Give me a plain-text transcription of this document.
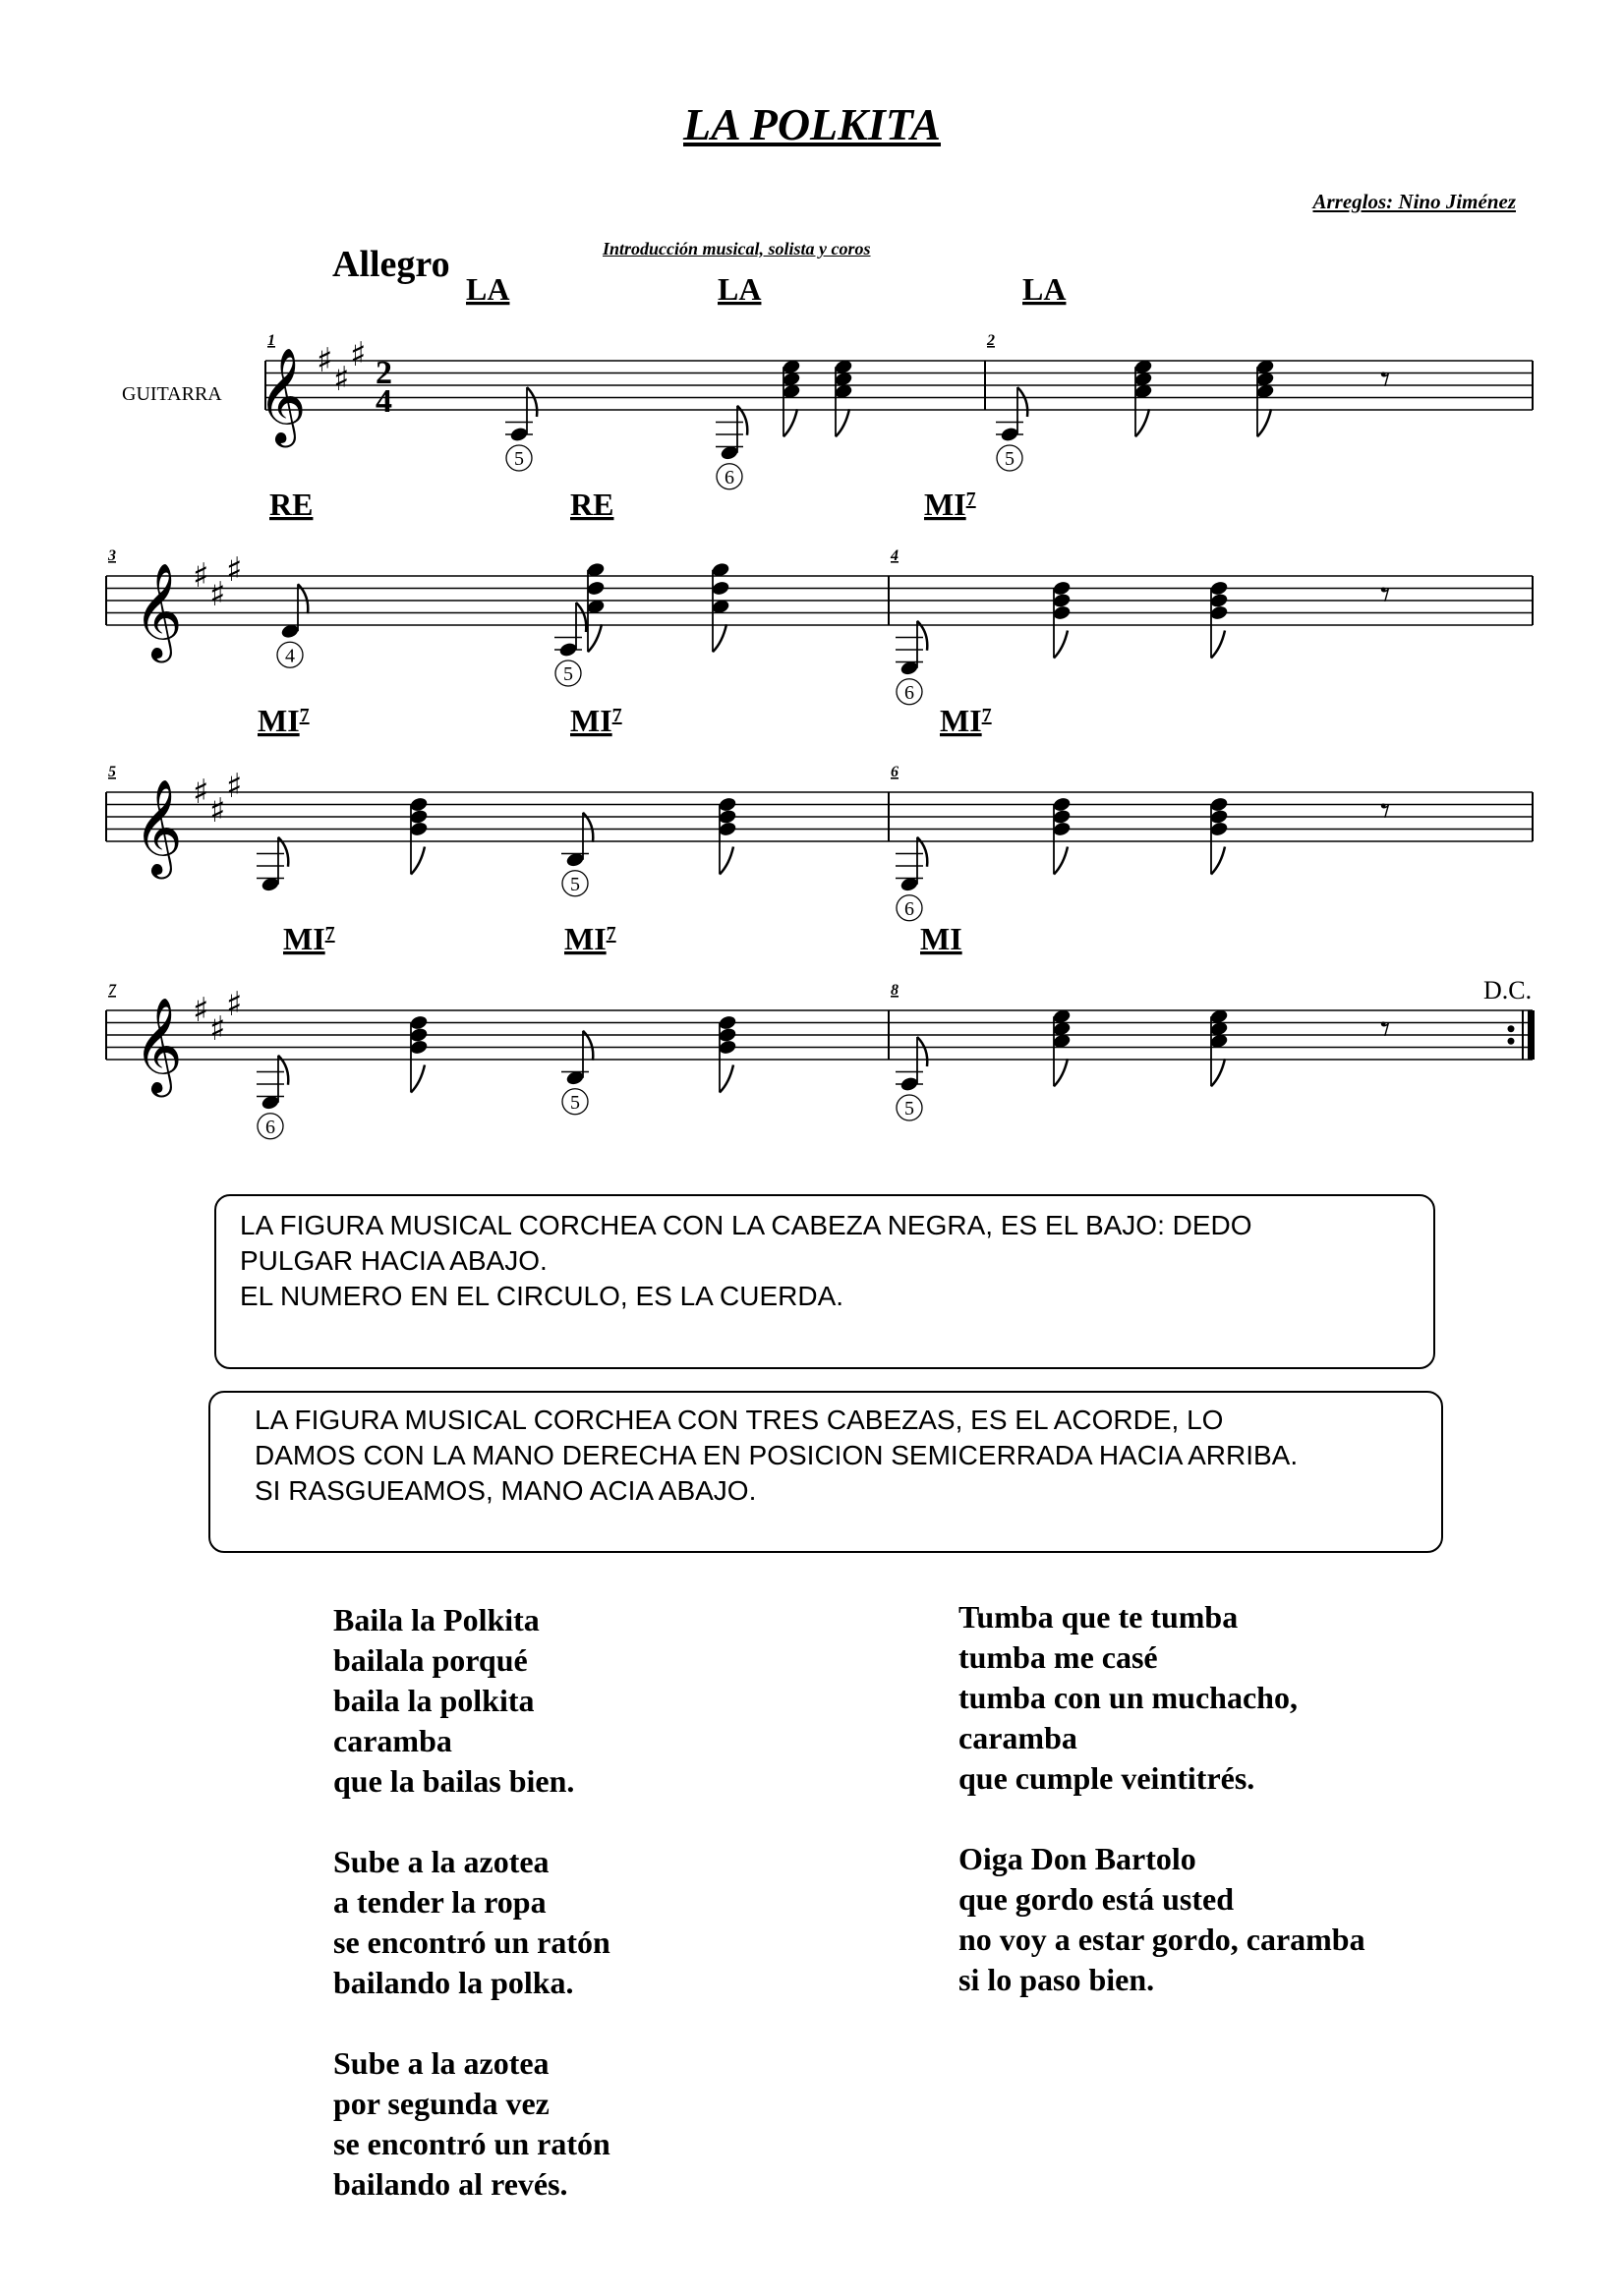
LA POLKITA
Arreglos: Nino Jiménez
Introducción musical, solista y coros
Allegro
GUITARRA
D.C.
𝄞 ♯ ♯
♯
𝄾
2
4
1	2
5
LA
6
LA
5
LA
𝄞 ♯ ♯
♯
𝄾
3	4
4
RE
5
RE
6
$MI^7$
𝄞 ♯ ♯
♯
𝄾
5	6
$MI^7$
5
$MI^7$
6
$MI^7$
𝄞 ♯ ♯
♯
𝄾
7	8
6
$MI^7$
5
$MI^7$
5
MI
LA FIGURA MUSICAL CORCHEA CON LA CABEZA NEGRA, ES EL BAJO: DEDO
PULGAR HACIA ABAJO.
EL NUMERO EN EL CIRCULO, ES LA CUERDA.
LA FIGURA MUSICAL CORCHEA CON TRES CABEZAS, ES EL ACORDE, LO
DAMOS CON LA MANO DERECHA EN POSICION SEMICERRADA HACIA ARRIBA.
SI RASGUEAMOS, MANO ACIA ABAJO.
Baila la Polkita
bailala porqué
baila la polkita
caramba
que la bailas bien.
Sube a la azotea
a tender la ropa
se encontró un ratón
bailando la polka.
Sube a la azotea
por segunda vez
se encontró un ratón
bailando al revés.
Tumba que te tumba
tumba me casé
tumba con un muchacho,
caramba
que cumple veintitrés.
Oiga Don Bartolo
que gordo está usted
no voy a estar gordo, caramba
si lo paso bien.
